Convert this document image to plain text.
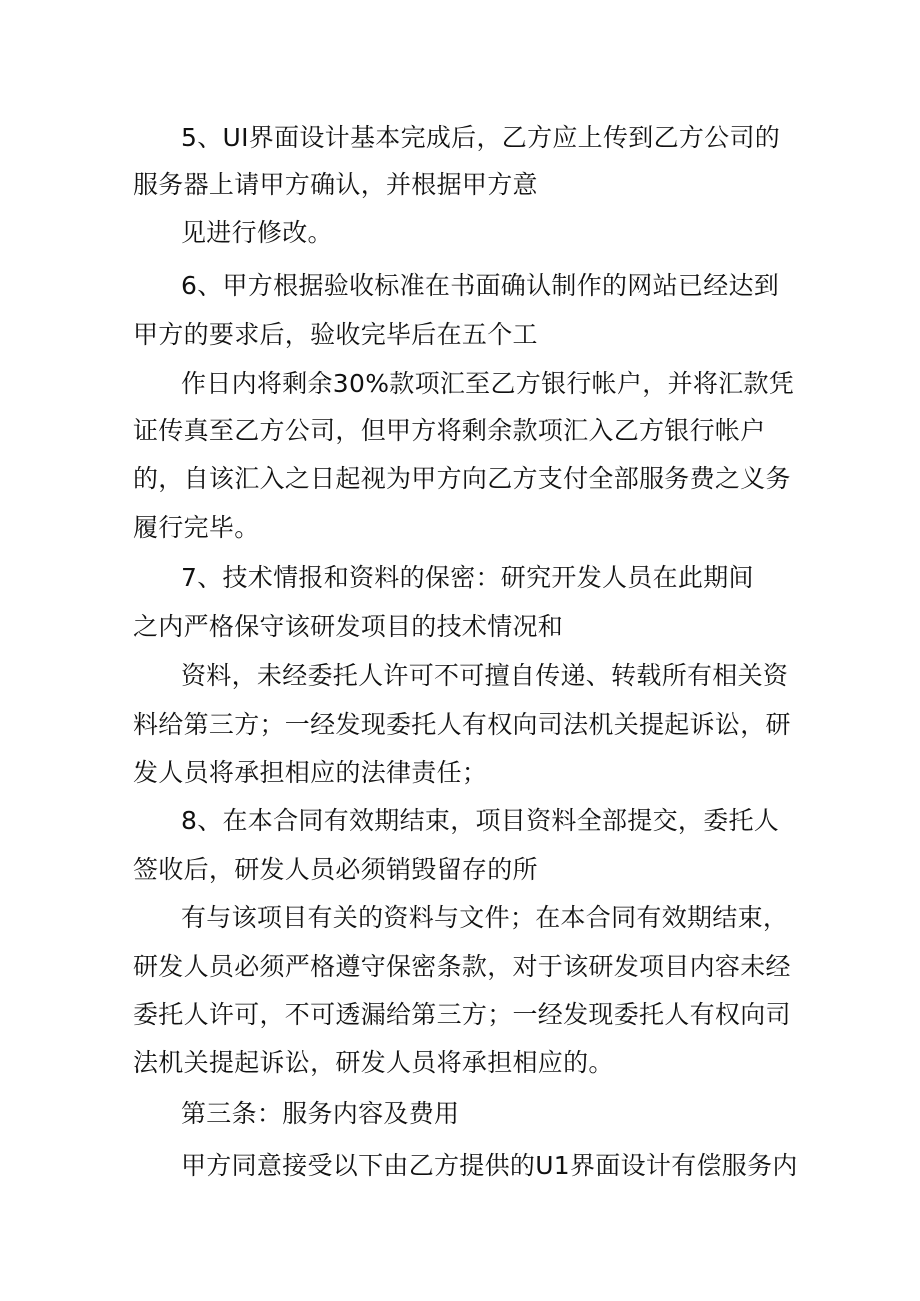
5、UI界面设计基本完成后，乙方应上传到乙方公司的
服务器上请甲方确认，并根据甲方意
见进行修改。
6、甲方根据验收标准在书面确认制作的网站已经达到
甲方的要求后，验收完毕后在五个工
作日内将剩余30%款项汇至乙方银行帐户，并将汇款凭
证传真至乙方公司，但甲方将剩余款项汇入乙方银行帐户
的，自该汇入之日起视为甲方向乙方支付全部服务费之义务
履行完毕。
7、技术情报和资料的保密：研究开发人员在此期间
之内严格保守该研发项目的技术情况和
资料，未经委托人许可不可擅自传递、转载所有相关资
料给第三方；一经发现委托人有权向司法机关提起诉讼，研
发人员将承担相应的法律责任；
8、在本合同有效期结束，项目资料全部提交，委托人
签收后，研发人员必须销毁留存的所
有与该项目有关的资料与文件；在本合同有效期结束，
研发人员必须严格遵守保密条款，对于该研发项目内容未经
委托人许可，不可透漏给第三方；一经发现委托人有权向司
法机关提起诉讼，研发人员将承担相应的。
第三条：服务内容及费用
甲方同意接受以下由乙方提供的U1界面设计有偿服务内
